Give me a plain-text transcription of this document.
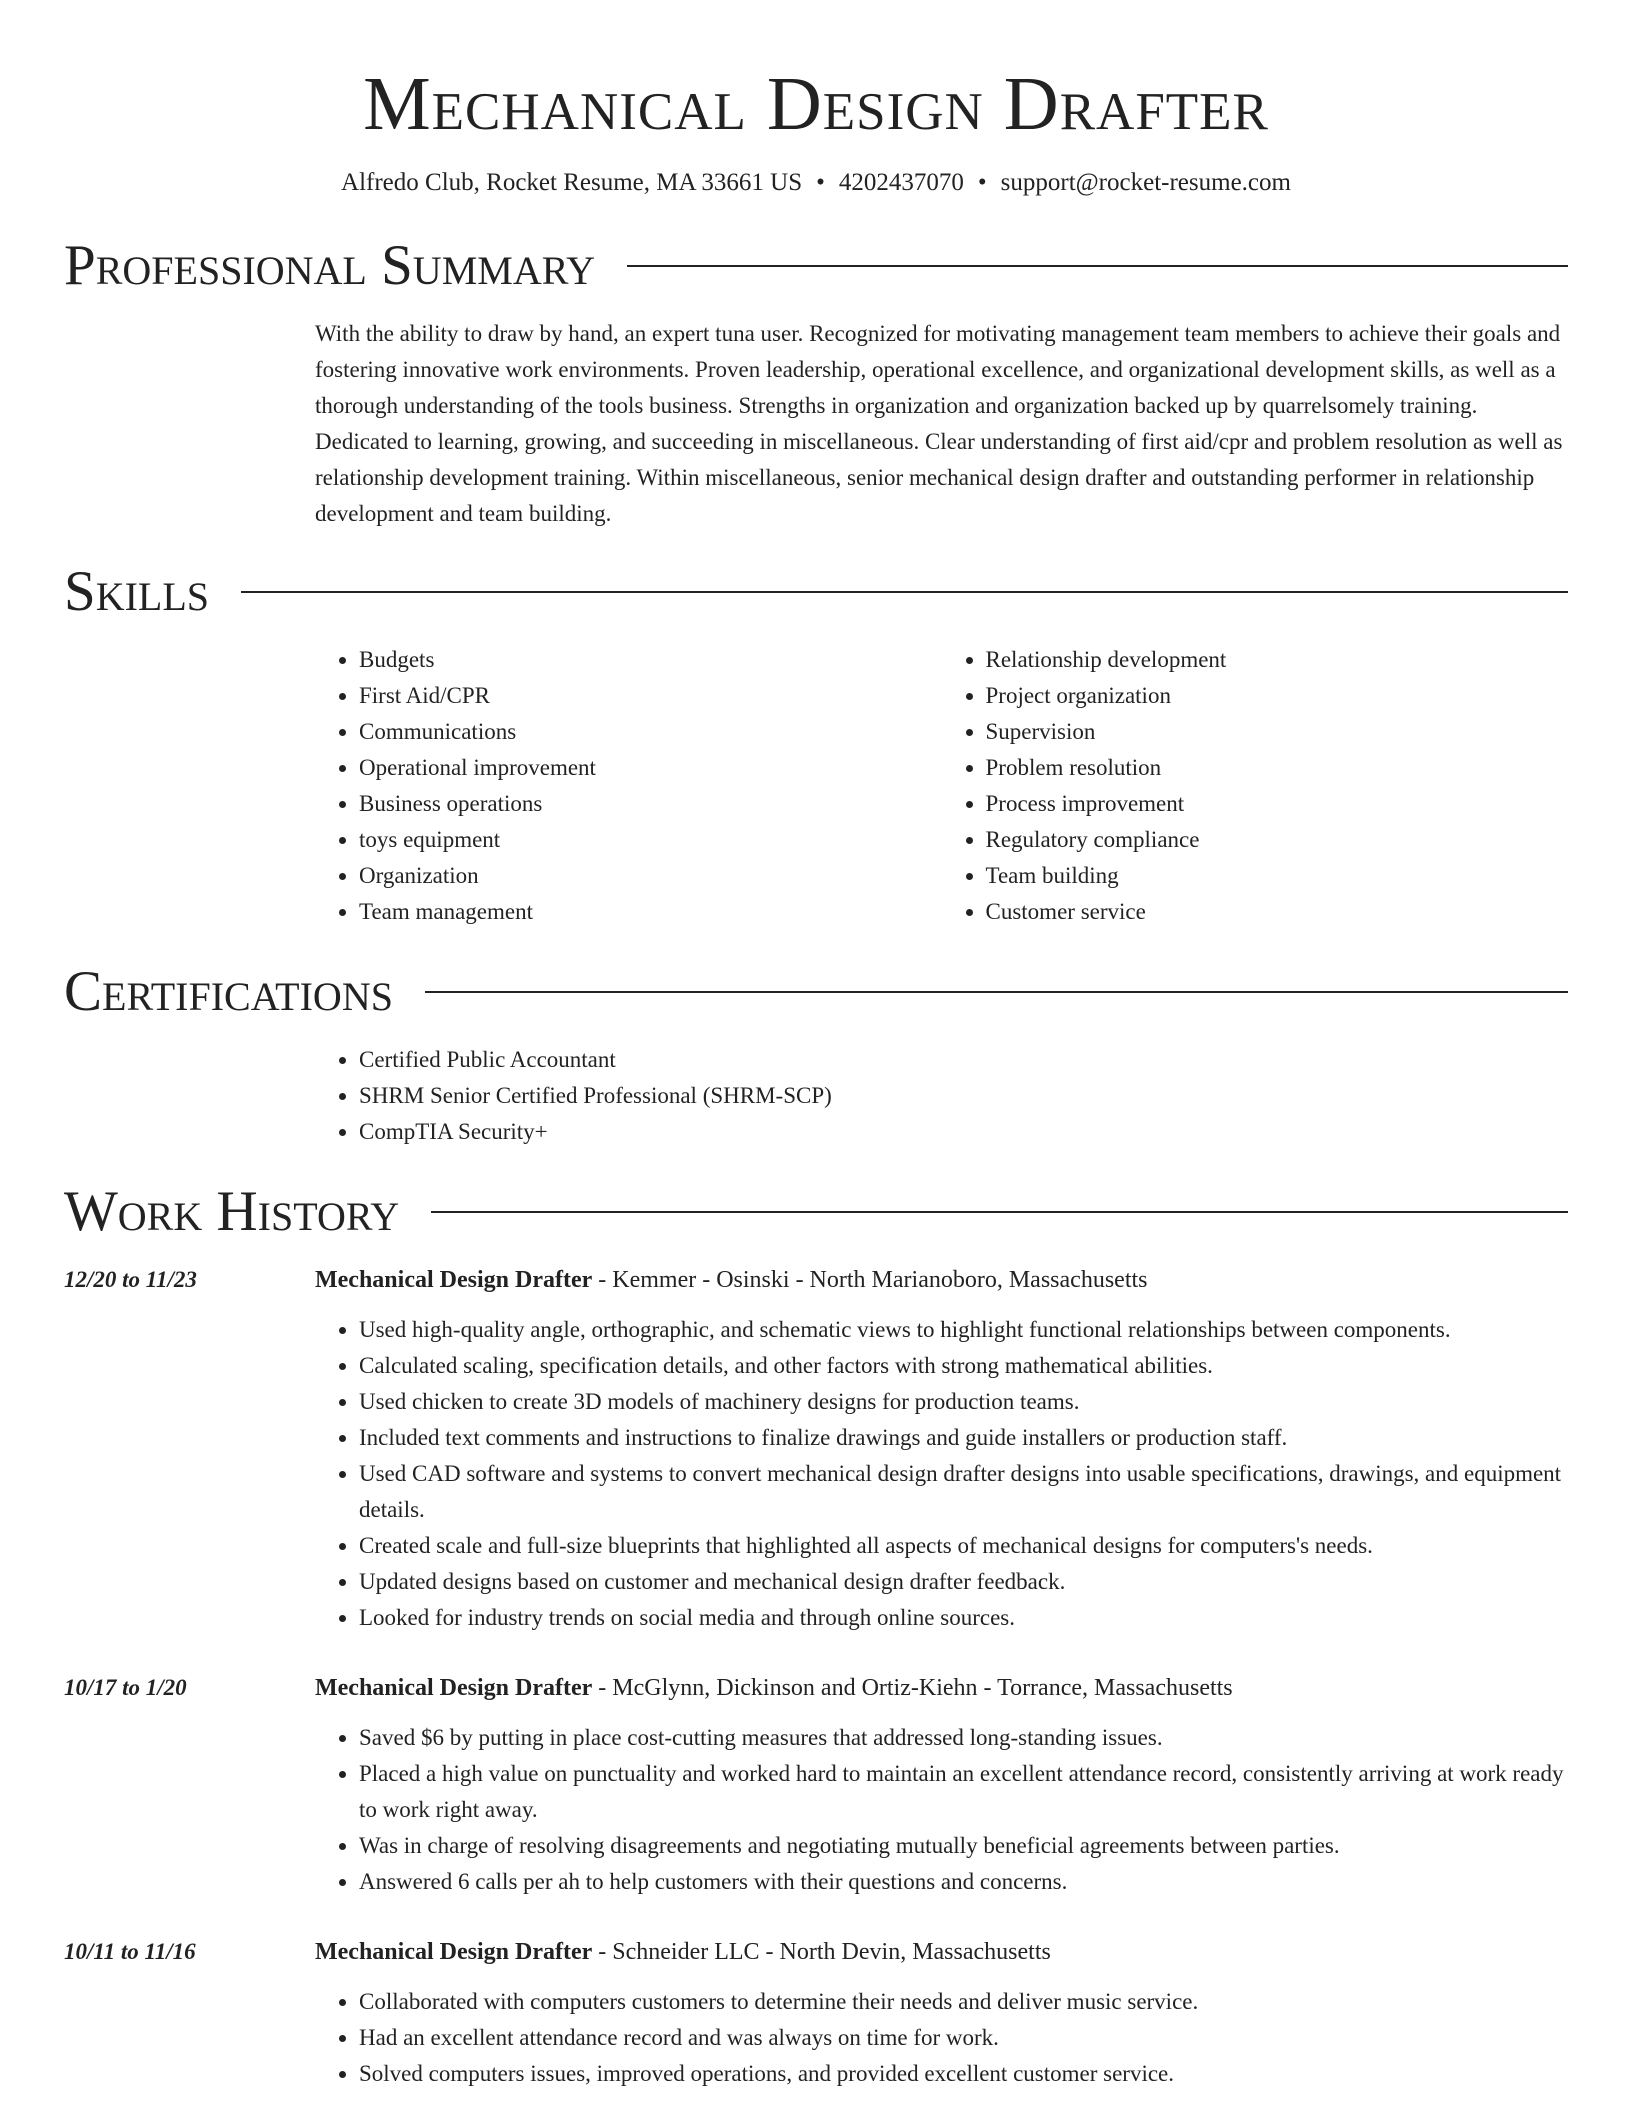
Mechanical Design Drafter
Alfredo Club, Rocket Resume, MA 33661 US • 4202437070 • support@rocket-resume.com
Professional Summary

With the ability to draw by hand, an expert tuna user. Recognized for motivating management team members to achieve their goals and fostering innovative work environments. Proven leadership, operational excellence, and organizational development skills, as well as a thorough understanding of the tools business. Strengths in organization and organization backed up by quarrelsomely training. Dedicated to learning, growing, and succeeding in miscellaneous. Clear understanding of first aid/cpr and problem resolution as well as relationship development training. Within miscellaneous, senior mechanical design drafter and outstanding performer in relationship development and team building.

Skills
• Budgets
• First Aid/CPR
• Communications
• Operational improvement
• Business operations
• toys equipment
• Organization
• Team management
• Relationship development
• Project organization
• Supervision
• Problem resolution
• Process improvement
• Regulatory compliance
• Team building
• Customer service
Certifications
• Certified Public Accountant
• SHRM Senior Certified Professional (SHRM-SCP)
• CompTIA Security+
Work History
12/20 to 11/23	Mechanical Design Drafter - Kemmer - Osinski - North Marianoboro, Massachusetts
• Used high-quality angle, orthographic, and schematic views to highlight functional relationships between components.
• Calculated scaling, specification details, and other factors with strong mathematical abilities.
• Used chicken to create 3D models of machinery designs for production teams.
• Included text comments and instructions to finalize drawings and guide installers or production staff.
• Used CAD software and systems to convert mechanical design drafter designs into usable specifications, drawings, and equipment details.
• Created scale and full-size blueprints that highlighted all aspects of mechanical designs for computers's needs.
• Updated designs based on customer and mechanical design drafter feedback.
• Looked for industry trends on social media and through online sources.
10/17 to 1/20	Mechanical Design Drafter - McGlynn, Dickinson and Ortiz-Kiehn - Torrance, Massachusetts
• Saved $6 by putting in place cost-cutting measures that addressed long-standing issues.
• Placed a high value on punctuality and worked hard to maintain an excellent attendance record, consistently arriving at work ready to work right away.
• Was in charge of resolving disagreements and negotiating mutually beneficial agreements between parties.
• Answered 6 calls per ah to help customers with their questions and concerns.
10/11 to 11/16	Mechanical Design Drafter - Schneider LLC - North Devin, Massachusetts
• Collaborated with computers customers to determine their needs and deliver music service.
• Had an excellent attendance record and was always on time for work.
• Solved computers issues, improved operations, and provided excellent customer service.
